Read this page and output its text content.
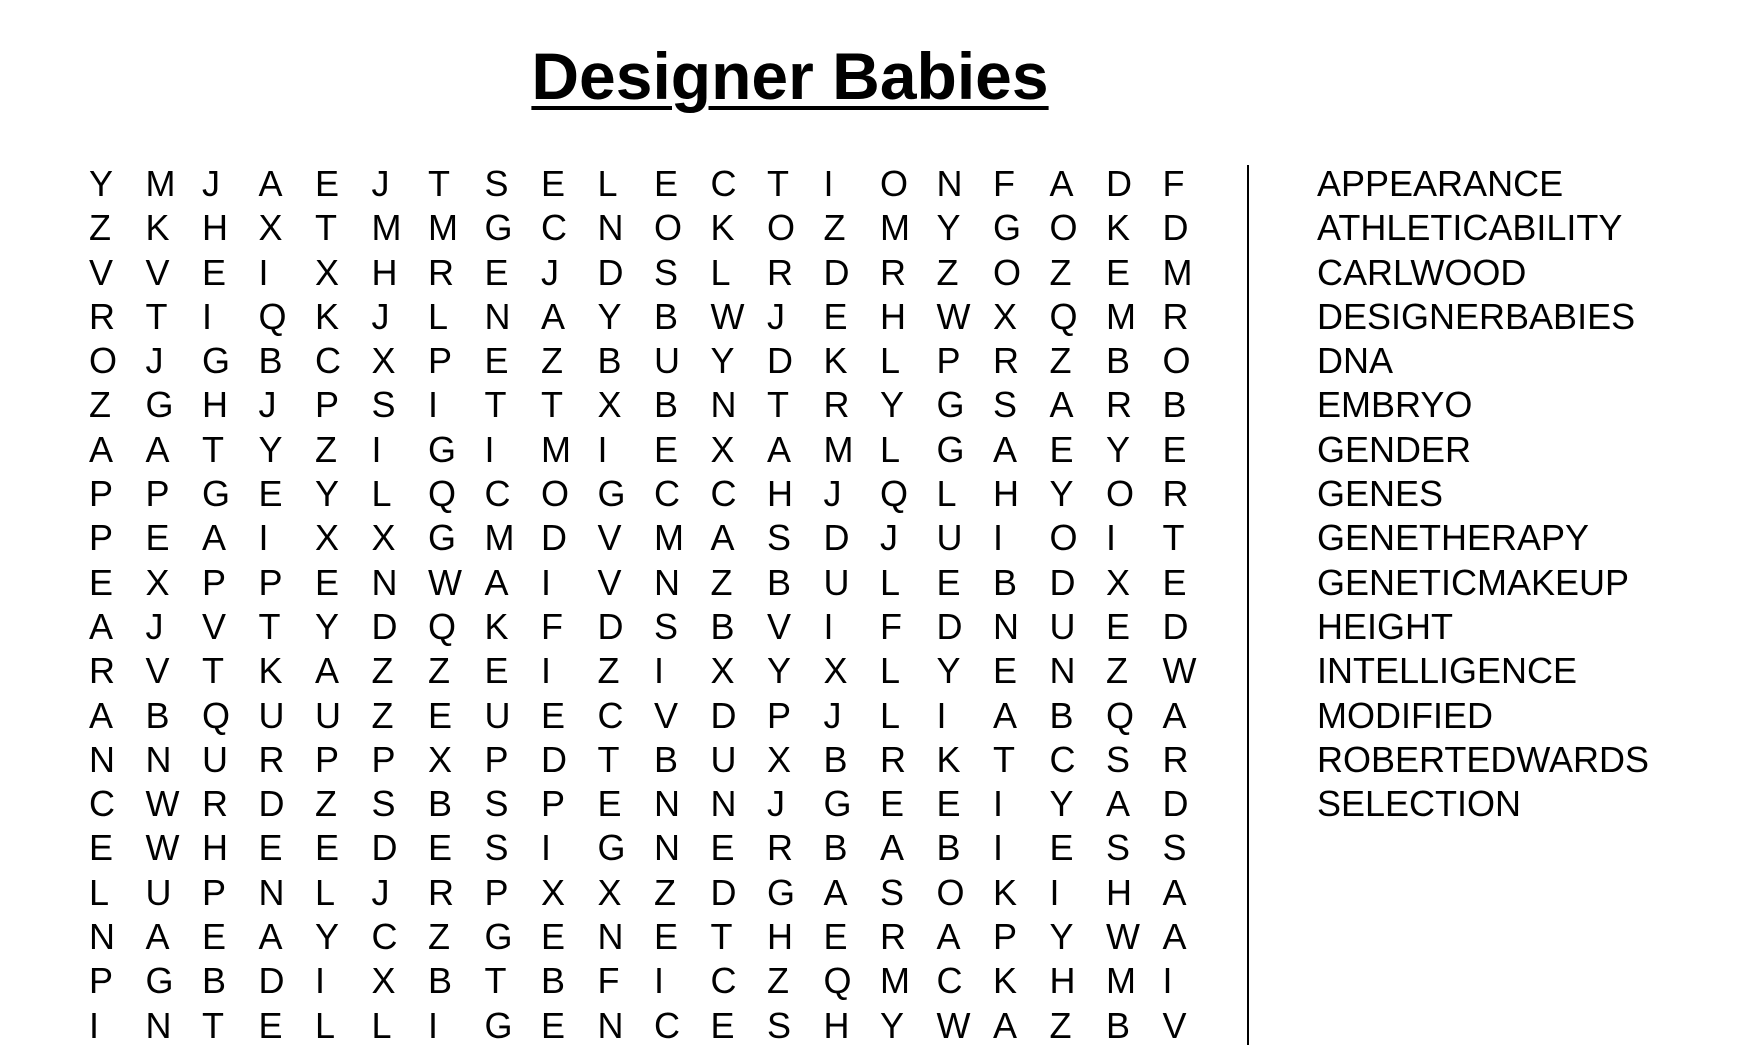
Designer Babies
Y M J	A E J	T S E L	E C T I	O N F A D F
Z K H X T M M G C N O K O Z M Y G O K D
V V E I	X H R E J	D S L	R D R Z O Z E M
R T I	Q K J	L	N A Y B W J	E H W X Q M R
O J	G B C X P E Z B U Y D K L	P R Z B O
Z G H J	P S I	T T X B N T R Y G S A R B
A A T Y Z I	G I	M I	E X A M L	G A E Y E
P P G E Y L	Q C O G C C H J	Q L	H Y O R
P E A I	X X G M D V M A S D J	U I	O I	T
E X P P E N W A I	V N Z B U L	E B D X E
A J	V T Y D Q K F D S B V I	F D N U E D
R V T K A Z Z E I	Z I	X Y X L	Y E N Z W
A B Q U U Z E U E C V D P J	L	I	A B Q A
N N U R P P X P D T B U X B R K T C S R
C W R D Z S B S P E N N J	G E E I	Y A D
E W H E E D E S I	G N E R B A B I	E S S
L	U P N L	J	R P X X Z D G A S O K I	H A
N A E A Y C Z G E N E T H E R A P Y W A
P G B D I	X B T B F I	C Z Q M C K H M I
I	N T E L	L	I	G E N C E S H Y W A Z B V
APPEARANCE
ATHLETICABILITY
CARLWOOD
DESIGNERBABIES
DNA
EMBRYO
GENDER
GENES
GENETHERAPY
GENETICMAKEUP
HEIGHT
INTELLIGENCE
MODIFIED
ROBERTEDWARDS
SELECTION
